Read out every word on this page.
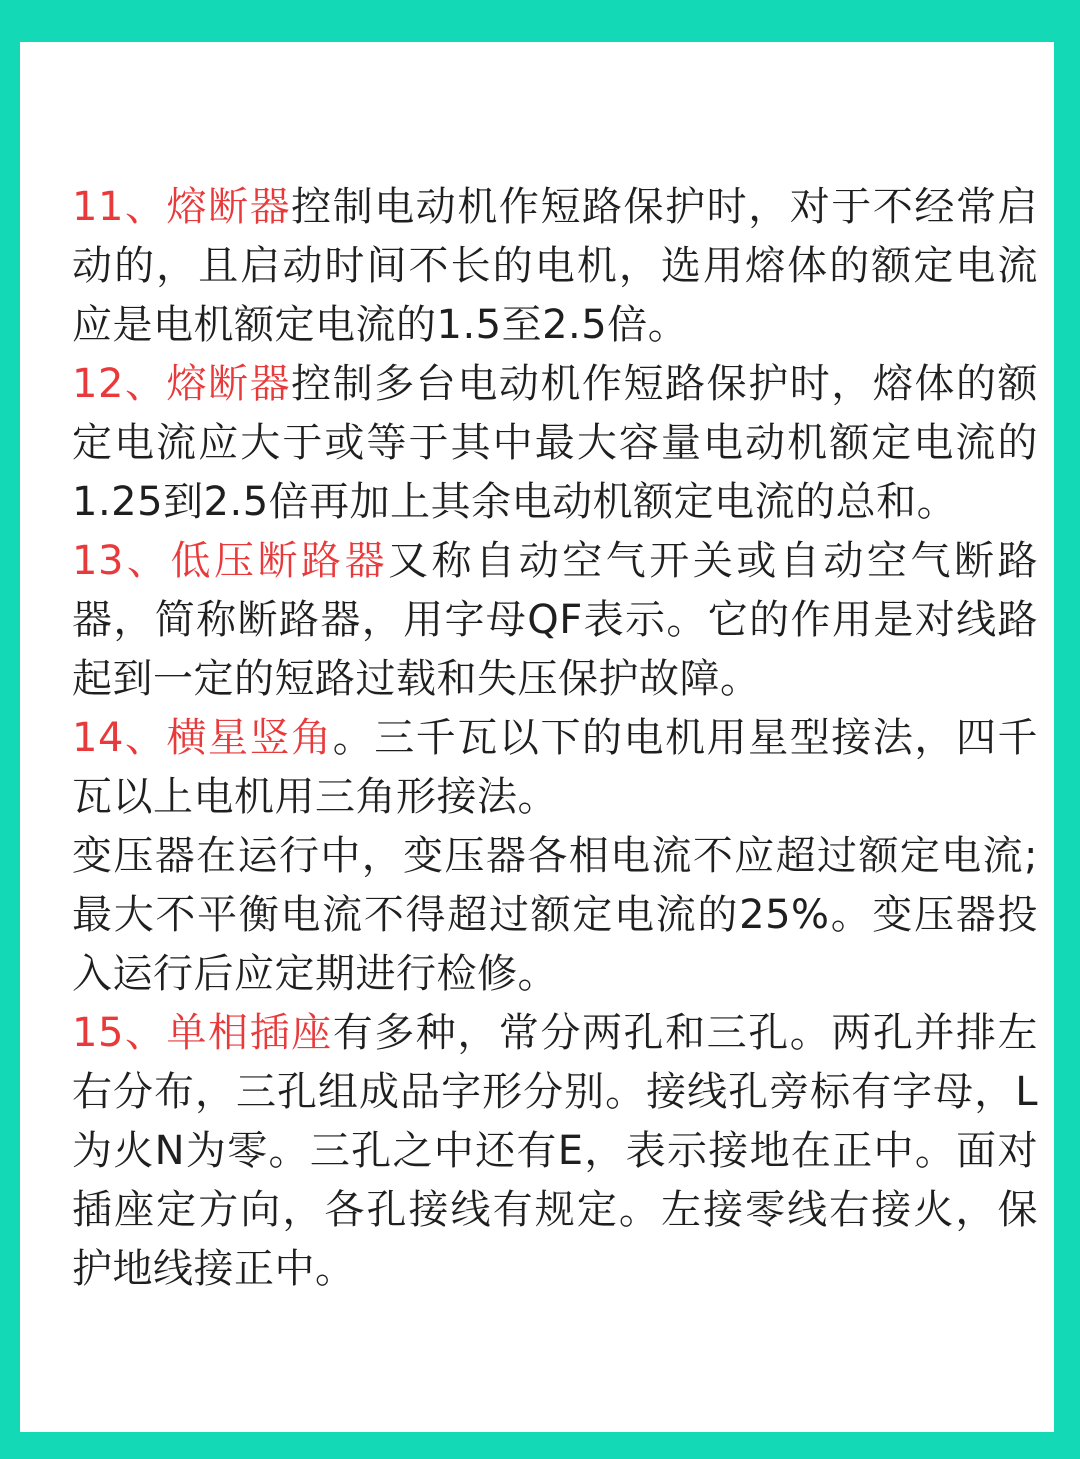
11、熔断器控制电动机作短路保护时，对于不经常启动的，且启动时间不长的电机，选用熔体的额定电流应是电机额定电流的1.5至2.5倍。

12、熔断器控制多台电动机作短路保护时，熔体的额定电流应大于或等于其中最大容量电动机额定电流的1.25到2.5倍再加上其余电动机额定电流的总和。

13、低压断路器又称自动空气开关或自动空气断路器，简称断路器，用字母QF表示。它的作用是对线路起到一定的短路过载和失压保护故障。

14、横星竖角。三千瓦以下的电机用星型接法，四千瓦以上电机用三角形接法。

变压器在运行中，变压器各相电流不应超过额定电流;最大不平衡电流不得超过额定电流的25%。变压器投入运行后应定期进行检修。

15、单相插座有多种，常分两孔和三孔。两孔并排左右分布，三孔组成品字形分别。接线孔旁标有字母，L为火N为零。三孔之中还有E，表示接地在正中。面对插座定方向，各孔接线有规定。左接零线右接火，保护地线接正中。
